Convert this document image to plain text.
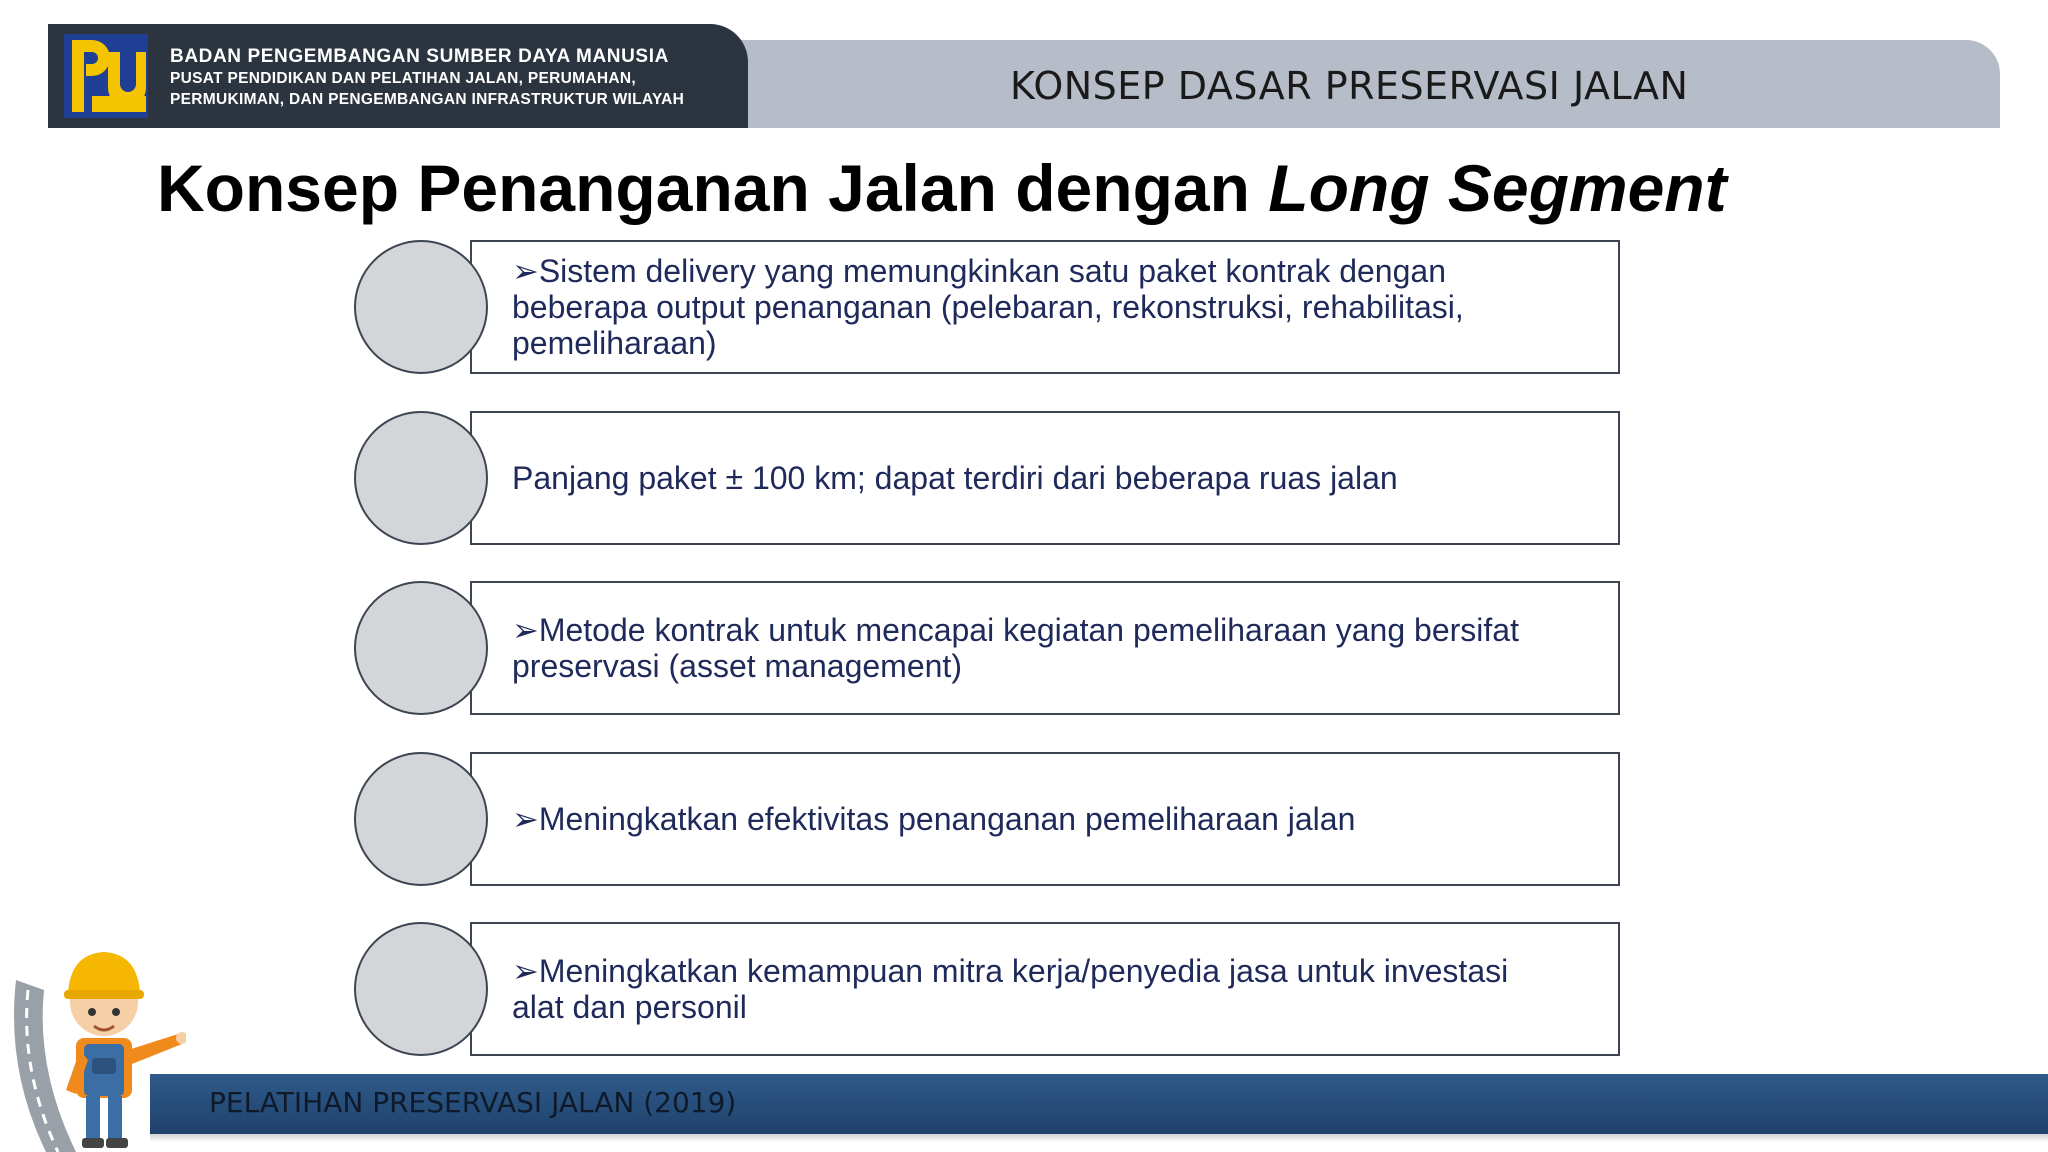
KONSEP DASAR PRESERVASI JALAN
BADAN PENGEMBANGAN SUMBER DAYA MANUSIA
PUSAT PENDIDIKAN DAN PELATIHAN JALAN, PERUMAHAN,
PERMUKIMAN, DAN PENGEMBANGAN INFRASTRUKTUR WILAYAH
Konsep Penanganan Jalan dengan Long Segment
➢Sistem delivery yang memungkinkan satu paket kontrak dengan
beberapa output penanganan (pelebaran, rekonstruksi, rehabilitasi,
pemeliharaan)
Panjang paket ± 100 km; dapat terdiri dari beberapa ruas jalan
➢Metode kontrak untuk mencapai kegiatan pemeliharaan yang bersifat
preservasi (asset management)
➢Meningkatkan efektivitas penanganan pemeliharaan jalan
➢Meningkatkan kemampuan mitra kerja/penyedia jasa untuk investasi
alat dan personil
PELATIHAN PRESERVASI JALAN (2019)
